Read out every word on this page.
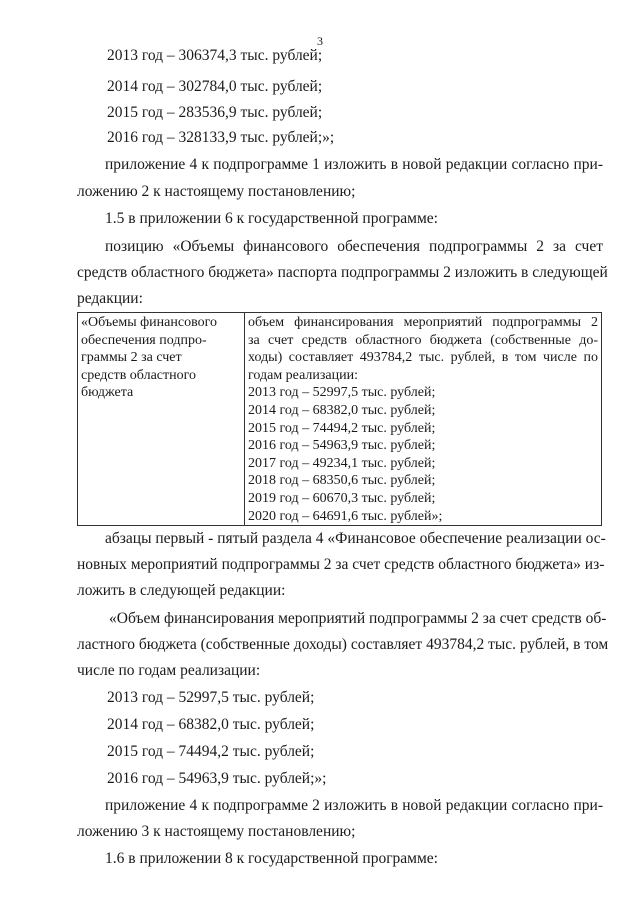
3
2013 год – 306374,3 тыс. рублей;
2014 год – 302784,0 тыс. рублей;
2015 год – 283536,9 тыс. рублей;
2016 год – 328133,9 тыс. рублей;»;
приложение 4 к подпрограмме 1 изложить в новой редакции согласно при-
ложению 2 к настоящему постановлению;
1.5 в приложении 6 к государственной программе:
позицию «Объемы финансового обеспечения подпрограммы 2 за счет
средств областного бюджета» паспорта подпрограммы 2 изложить в следующей
редакции:
«Объемы финансового
обеспечения подпро-
граммы 2 за счет
средств областного
бюджета

объем финансирования мероприятий подпрограммы 2
за счет средств областного бюджета (собственные до-
ходы) составляет 493784,2 тыс. рублей, в том числе по
годам реализации:
2013 год – 52997,5 тыс. рублей;
2014 год – 68382,0 тыс. рублей;
2015 год – 74494,2 тыс. рублей;
2016 год – 54963,9 тыс. рублей;
2017 год – 49234,1 тыс. рублей;
2018 год – 68350,6 тыс. рублей;
2019 год – 60670,3 тыс. рублей;
2020 год – 64691,6 тыс. рублей»;
абзацы первый - пятый раздела 4 «Финансовое обеспечение реализации ос-
новных мероприятий подпрограммы 2 за счет средств областного бюджета» из-
ложить в следующей редакции:
«Объем финансирования мероприятий подпрограммы 2 за счет средств об-
ластного бюджета (собственные доходы) составляет 493784,2 тыс. рублей, в том
числе по годам реализации:
2013 год – 52997,5 тыс. рублей;
2014 год – 68382,0 тыс. рублей;
2015 год – 74494,2 тыс. рублей;
2016 год – 54963,9 тыс. рублей;»;
приложение 4 к подпрограмме 2 изложить в новой редакции согласно при-
ложению 3 к настоящему постановлению;
1.6 в приложении 8 к государственной программе:
